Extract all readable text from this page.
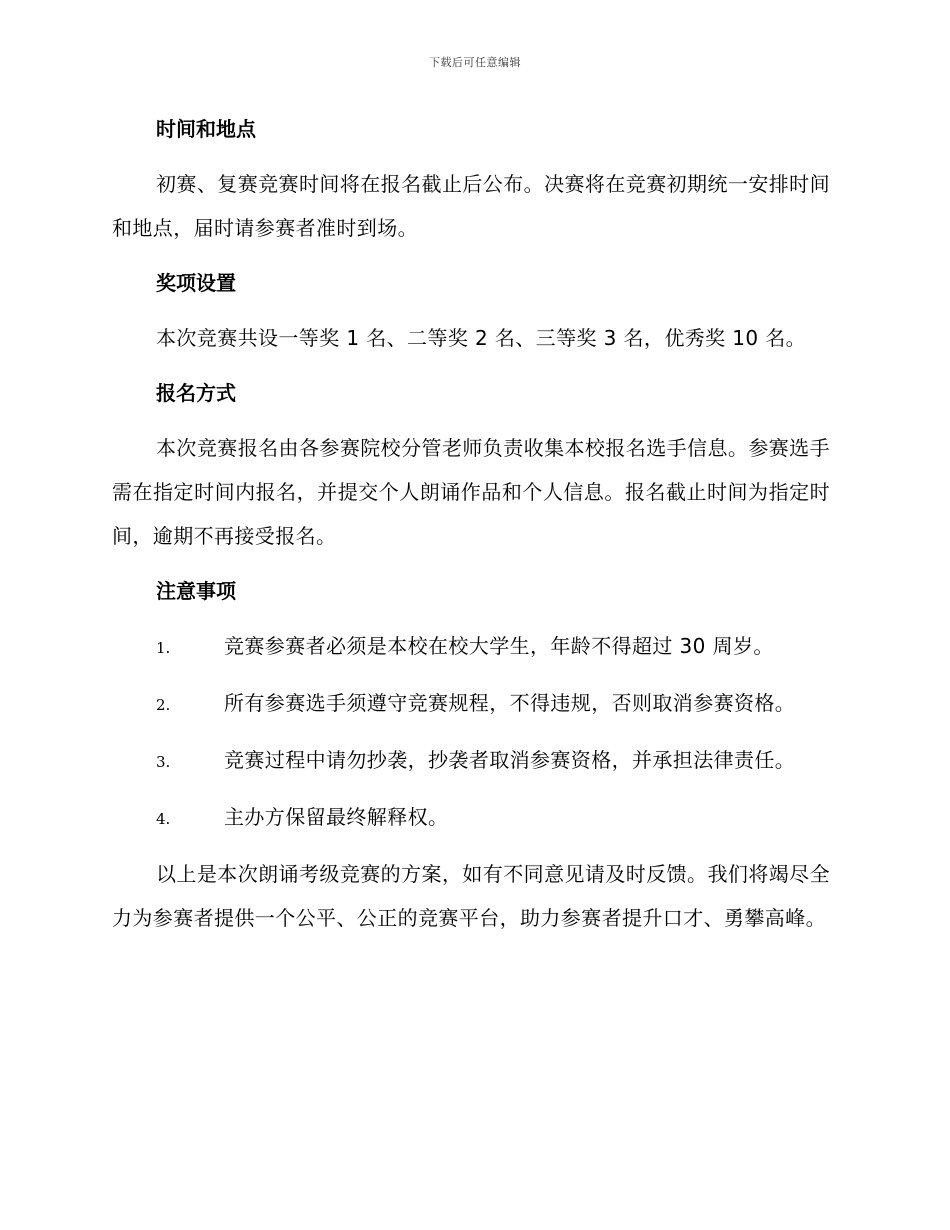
下载后可任意编辑
时间和地点

初赛、复赛竞赛时间将在报名截止后公布。决赛将在竞赛初期统一安排时间和地点，届时请参赛者准时到场。

奖项设置

本次竞赛共设一等奖 1 名、二等奖 2 名、三等奖 3 名，优秀奖 10 名。

报名方式

本次竞赛报名由各参赛院校分管老师负责收集本校报名选手信息。参赛选手需在指定时间内报名，并提交个人朗诵作品和个人信息。报名截止时间为指定时间，逾期不再接受报名。

注意事项
1.	竞赛参赛者必须是本校在校大学生，年龄不得超过 30 周岁。
2.	所有参赛选手须遵守竞赛规程，不得违规，否则取消参赛资格。
3.	竞赛过程中请勿抄袭，抄袭者取消参赛资格，并承担法律责任。
4.	主办方保留最终解释权。

以上是本次朗诵考级竞赛的方案，如有不同意见请及时反馈。我们将竭尽全力为参赛者提供一个公平、公正的竞赛平台，助力参赛者提升口才、勇攀高峰。
